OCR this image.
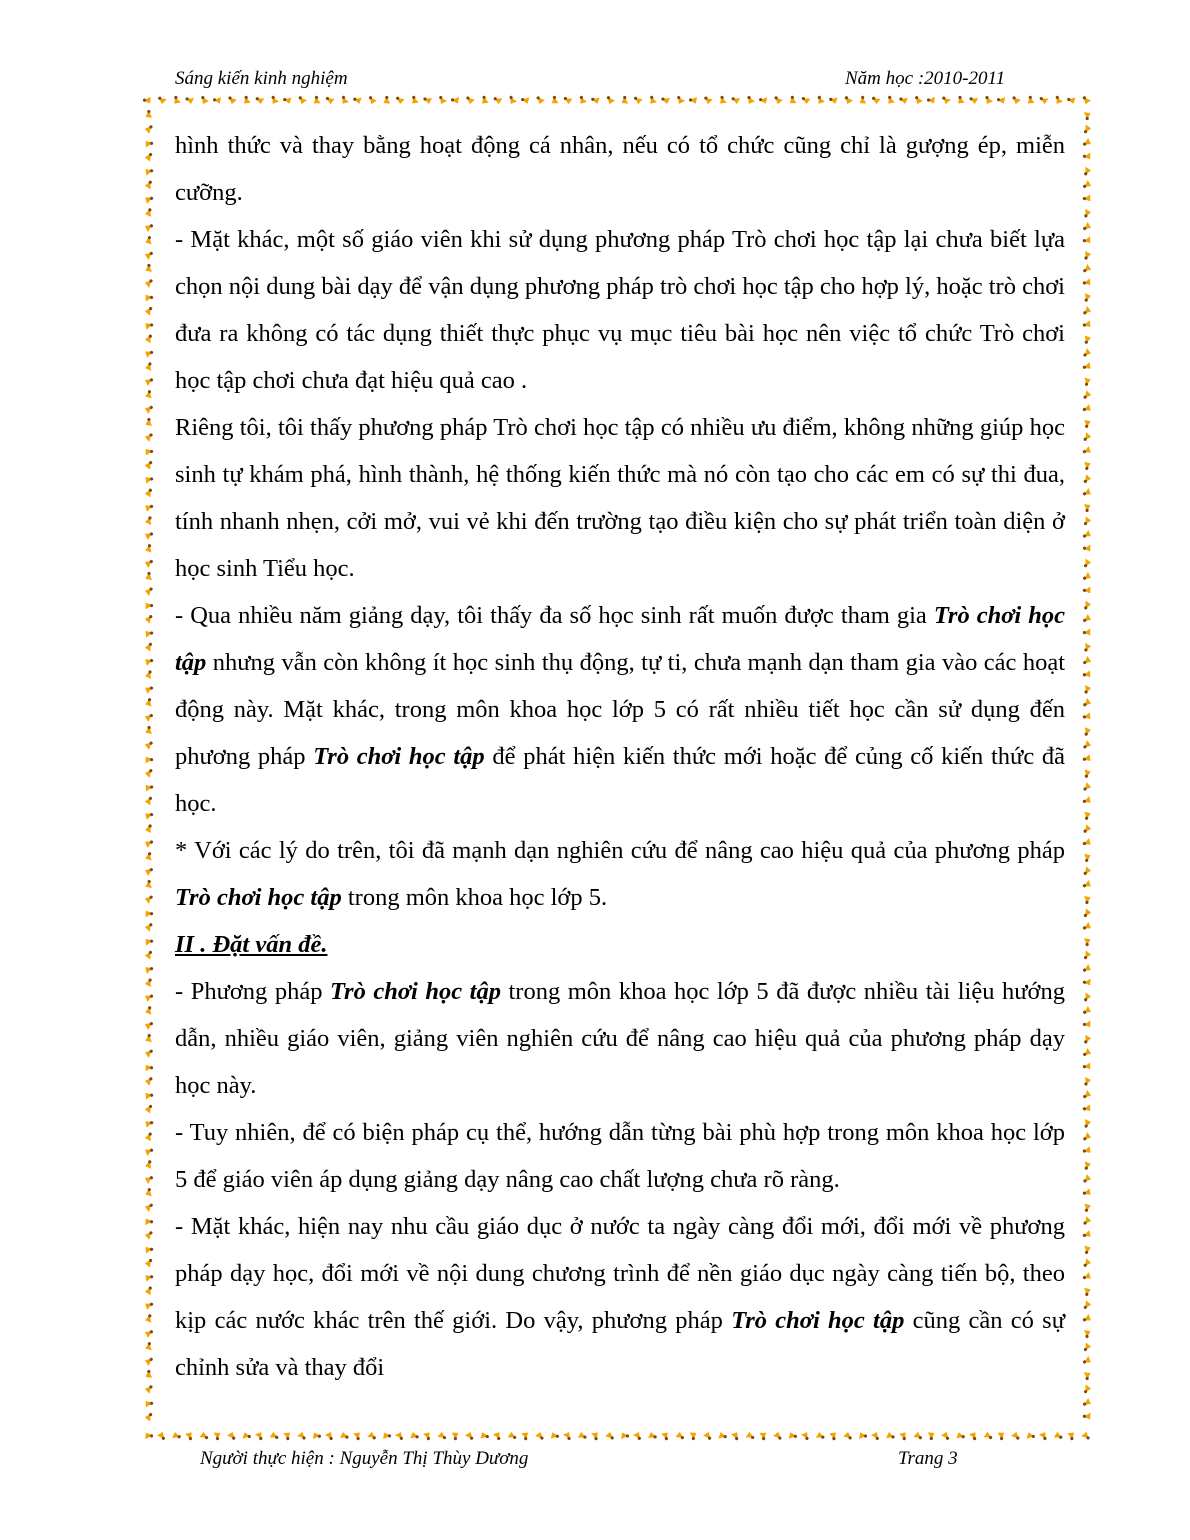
Sáng kiến kinh nghiệm	Năm học :2010-2011

hình thức và thay bằng hoạt động cá nhân, nếu có tổ chức cũng chỉ là gượng ép, miễn cưỡng.

- Mặt khác, một số giáo viên khi sử dụng phương pháp Trò chơi học tập lại chưa biết lựa chọn nội dung bài dạy để vận dụng phương pháp trò chơi học tập cho hợp lý, hoặc trò chơi đưa ra không có tác dụng thiết thực phục vụ mục tiêu bài học nên việc tổ chức Trò chơi học tập chơi chưa đạt hiệu quả cao .

Riêng tôi, tôi thấy phương pháp Trò chơi học tập có nhiều ưu điểm, không những giúp học sinh tự khám phá, hình thành, hệ thống kiến thức mà nó còn tạo cho các em có sự thi đua, tính nhanh nhẹn, cởi mở, vui vẻ khi đến trường tạo điều kiện cho sự phát triển toàn diện ở học sinh Tiểu học.

- Qua nhiều năm giảng dạy, tôi thấy đa số học sinh rất muốn được tham gia Trò chơi học tập nhưng vẫn còn không ít học sinh thụ động, tự ti, chưa mạnh dạn tham gia vào các hoạt động này. Mặt khác, trong môn khoa học lớp 5 có rất nhiều tiết học cần sử dụng đến phương pháp Trò chơi học tập để phát hiện kiến thức mới hoặc để củng cố kiến thức đã học.

* Với các lý do trên, tôi đã mạnh dạn nghiên cứu để nâng cao hiệu quả của phương pháp Trò chơi học tập trong môn khoa học lớp 5.

II . Đặt vấn đề.

- Phương pháp Trò chơi học tập trong môn khoa học lớp 5 đã được nhiều tài liệu hướng dẫn, nhiều giáo viên, giảng viên nghiên cứu để nâng cao hiệu quả của phương pháp dạy học này.

- Tuy nhiên, để có biện pháp cụ thể, hướng dẫn từng bài phù hợp trong môn khoa học lớp 5 để giáo viên áp dụng giảng dạy nâng cao chất lượng chưa rõ ràng.

- Mặt khác, hiện nay nhu cầu giáo dục ở nước ta ngày càng đổi mới, đổi mới về phương pháp dạy học, đổi mới về nội dung chương trình để nền giáo dục ngày càng tiến bộ, theo kịp các nước khác trên thế giới. Do vậy, phương pháp Trò chơi học tập cũng cần có sự chỉnh sửa và thay đổi

Người thực hiện : Nguyễn Thị Thùy Dương	Trang 3
